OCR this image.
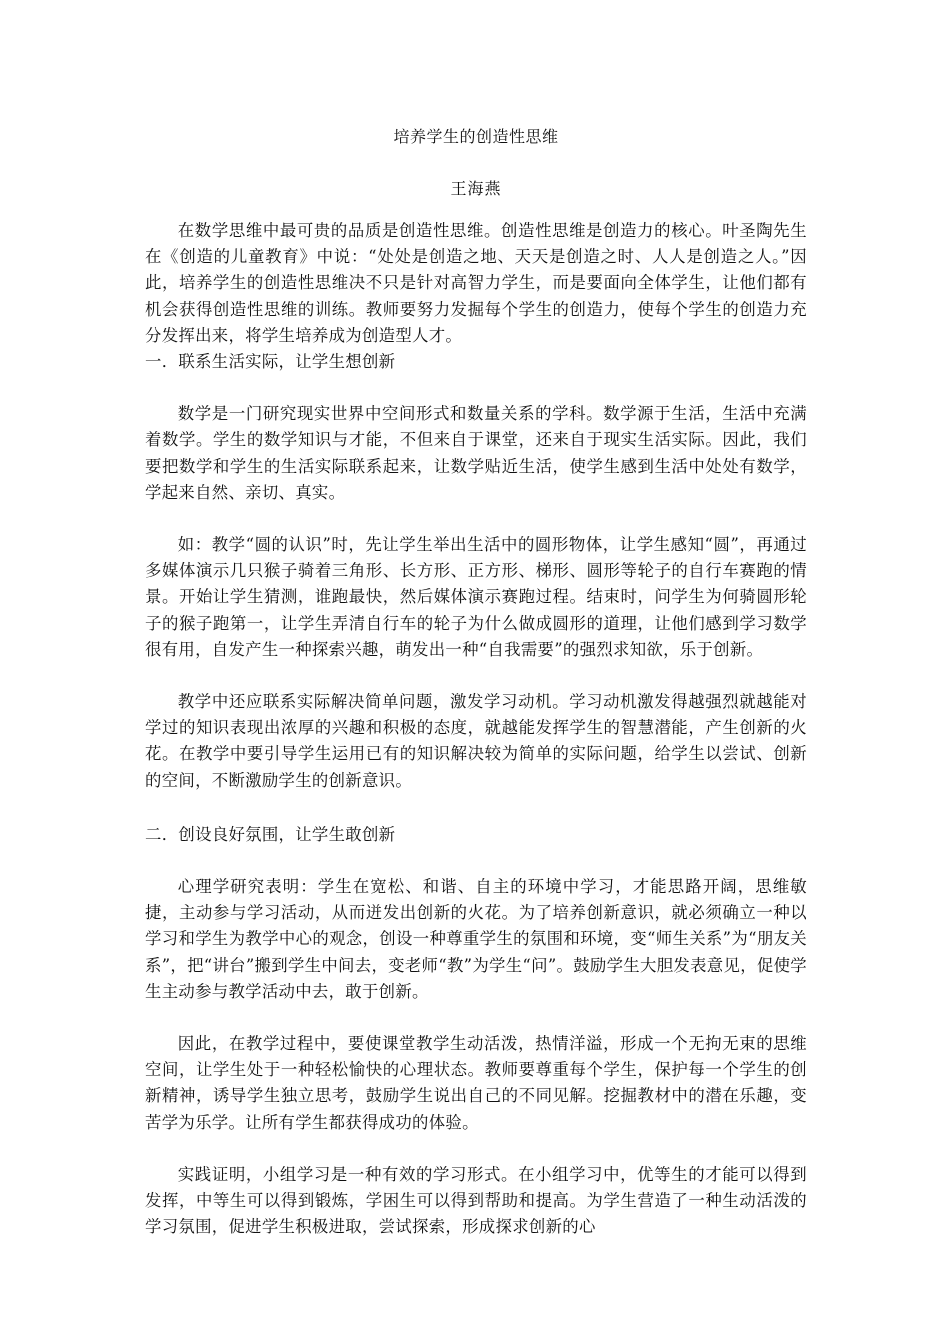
培养学生的创造性思维
王海燕

在数学思维中最可贵的品质是创造性思维。创造性思维是创造力的核心。叶圣陶先生在《创造的儿童教育》中说：“处处是创造之地、天天是创造之时、人人是创造之人。”因此，培养学生的创造性思维决不只是针对高智力学生，而是要面向全体学生，让他们都有机会获得创造性思维的训练。教师要努力发掘每个学生的创造力，使每个学生的创造力充分发挥出来，将学生培养成为创造型人才。

一．联系生活实际，让学生想创新

数学是一门研究现实世界中空间形式和数量关系的学科。数学源于生活，生活中充满着数学。学生的数学知识与才能，不但来自于课堂，还来自于现实生活实际。因此，我们要把数学和学生的生活实际联系起来，让数学贴近生活，使学生感到生活中处处有数学，学起来自然、亲切、真实。

如：教学“圆的认识”时，先让学生举出生活中的圆形物体，让学生感知“圆”，再通过多媒体演示几只猴子骑着三角形、长方形、正方形、梯形、圆形等轮子的自行车赛跑的情景。开始让学生猜测，谁跑最快，然后媒体演示赛跑过程。结束时，问学生为何骑圆形轮子的猴子跑第一，让学生弄清自行车的轮子为什么做成圆形的道理，让他们感到学习数学很有用，自发产生一种探索兴趣，萌发出一种“自我需要”的强烈求知欲，乐于创新。

教学中还应联系实际解决简单问题，激发学习动机。学习动机激发得越强烈就越能对学过的知识表现出浓厚的兴趣和积极的态度，就越能发挥学生的智慧潜能，产生创新的火花。在教学中要引导学生运用已有的知识解决较为简单的实际问题，给学生以尝试、创新的空间，不断激励学生的创新意识。

二．创设良好氛围，让学生敢创新

心理学研究表明：学生在宽松、和谐、自主的环境中学习，才能思路开阔，思维敏捷，主动参与学习活动，从而迸发出创新的火花。为了培养创新意识，就必须确立一种以学习和学生为教学中心的观念，创设一种尊重学生的氛围和环境，变“师生关系”为“朋友关系”，把“讲台”搬到学生中间去，变老师“教”为学生“问”。鼓励学生大胆发表意见，促使学生主动参与教学活动中去，敢于创新。

因此，在教学过程中，要使课堂教学生动活泼，热情洋溢，形成一个无拘无束的思维空间，让学生处于一种轻松愉快的心理状态。教师要尊重每个学生，保护每一个学生的创新精神，诱导学生独立思考，鼓励学生说出自己的不同见解。挖掘教材中的潜在乐趣，变苦学为乐学。让所有学生都获得成功的体验。

实践证明，小组学习是一种有效的学习形式。在小组学习中，优等生的才能可以得到发挥，中等生可以得到锻炼，学困生可以得到帮助和提高。为学生营造了一种生动活泼的学习氛围，促进学生积极进取，尝试探索，形成探求创新的心
